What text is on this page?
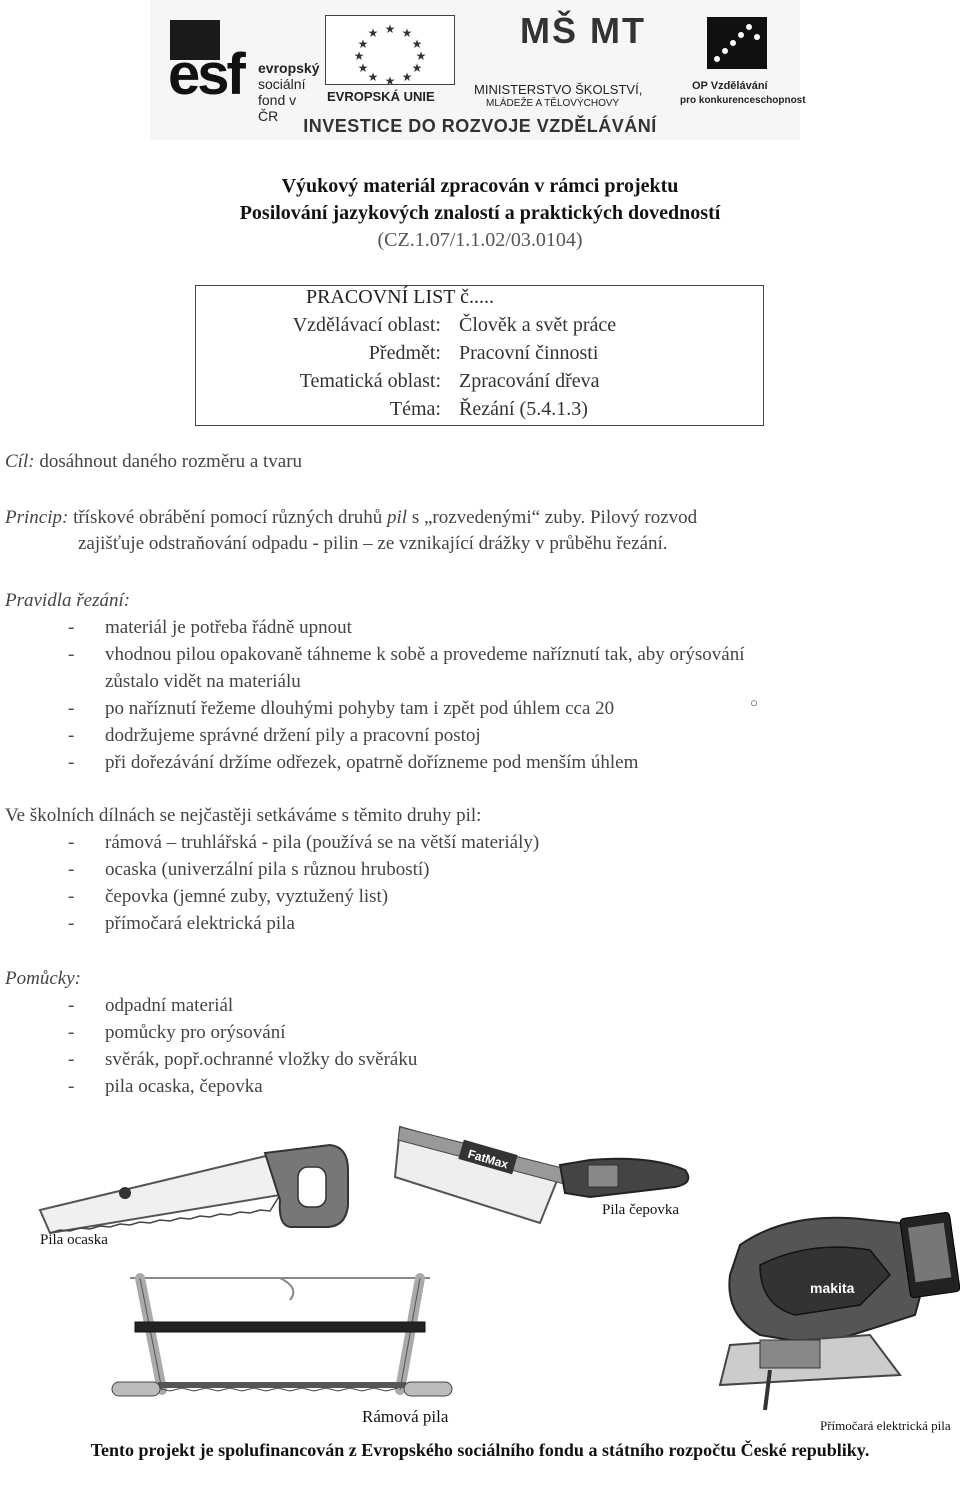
esf evropský
sociální
fond v ČR
★ ★
★
★
★
★
★
★
★
★
★
★
EVROPSKÁ UNIE
MŠ MT
MINISTERSTVO ŠKOLSTVÍ,
MLÁDEŽE A TĚLOVÝCHOVY
OP Vzdělávání
pro konkurenceschopnost
INVESTICE DO ROZVOJE VZDĚLÁVÁNÍ
Výukový materiál zpracován v rámci projektu
Posilování jazykových znalostí a praktických dovedností
(CZ.1.07/1.1.02/03.0104)
PRACOVNÍ LIST č.....
Vzdělávací oblast: Člověk a svět práce
Předmět: Pracovní činnosti
Tematická oblast: Zpracování dřeva
Téma: Řezání (5.4.1.3)
Cíl: dosáhnout daného rozměru a tvaru
Princip: třískové obrábění pomocí různých druhů pil s „rozvedenými“ zuby. Pilový rozvod
zajišťuje odstraňování odpadu - pilin – ze vznikající drážky v průběhu řezání.
Pravidla řezání:
- materiál je potřeba řádně upnout
- vhodnou pilou opakovaně táhneme k sobě a provedeme naříznutí tak, aby orýsování
zůstalo vidět na materiálu
- po naříznutí řežeme dlouhými pohyby tam i zpět pod úhlem cca 20	○
- dodržujeme správné držení pily a pracovní postoj
- při dořezávání držíme odřezek, opatrně dořízneme pod menším úhlem
Ve školních dílnách se nejčastěji setkáváme s těmito druhy pil:
- rámová – truhlářská - pila (používá se na větší materiály)
- ocaska (univerzální pila s různou hrubostí)
- čepovka (jemné zuby, vyztužený list)
- přímočará elektrická pila
Pomůcky:
- odpadní materiál
- pomůcky pro orýsování
- svěrák, popř.ochranné vložky do svěráku
- pila ocaska, čepovka
Pila ocaska
FatMax
Pila čepovka
Rámová pila
makita
Přímočará elektrická pila
Tento projekt je spolufinancován z Evropského sociálního fondu a státního rozpočtu České republiky.
